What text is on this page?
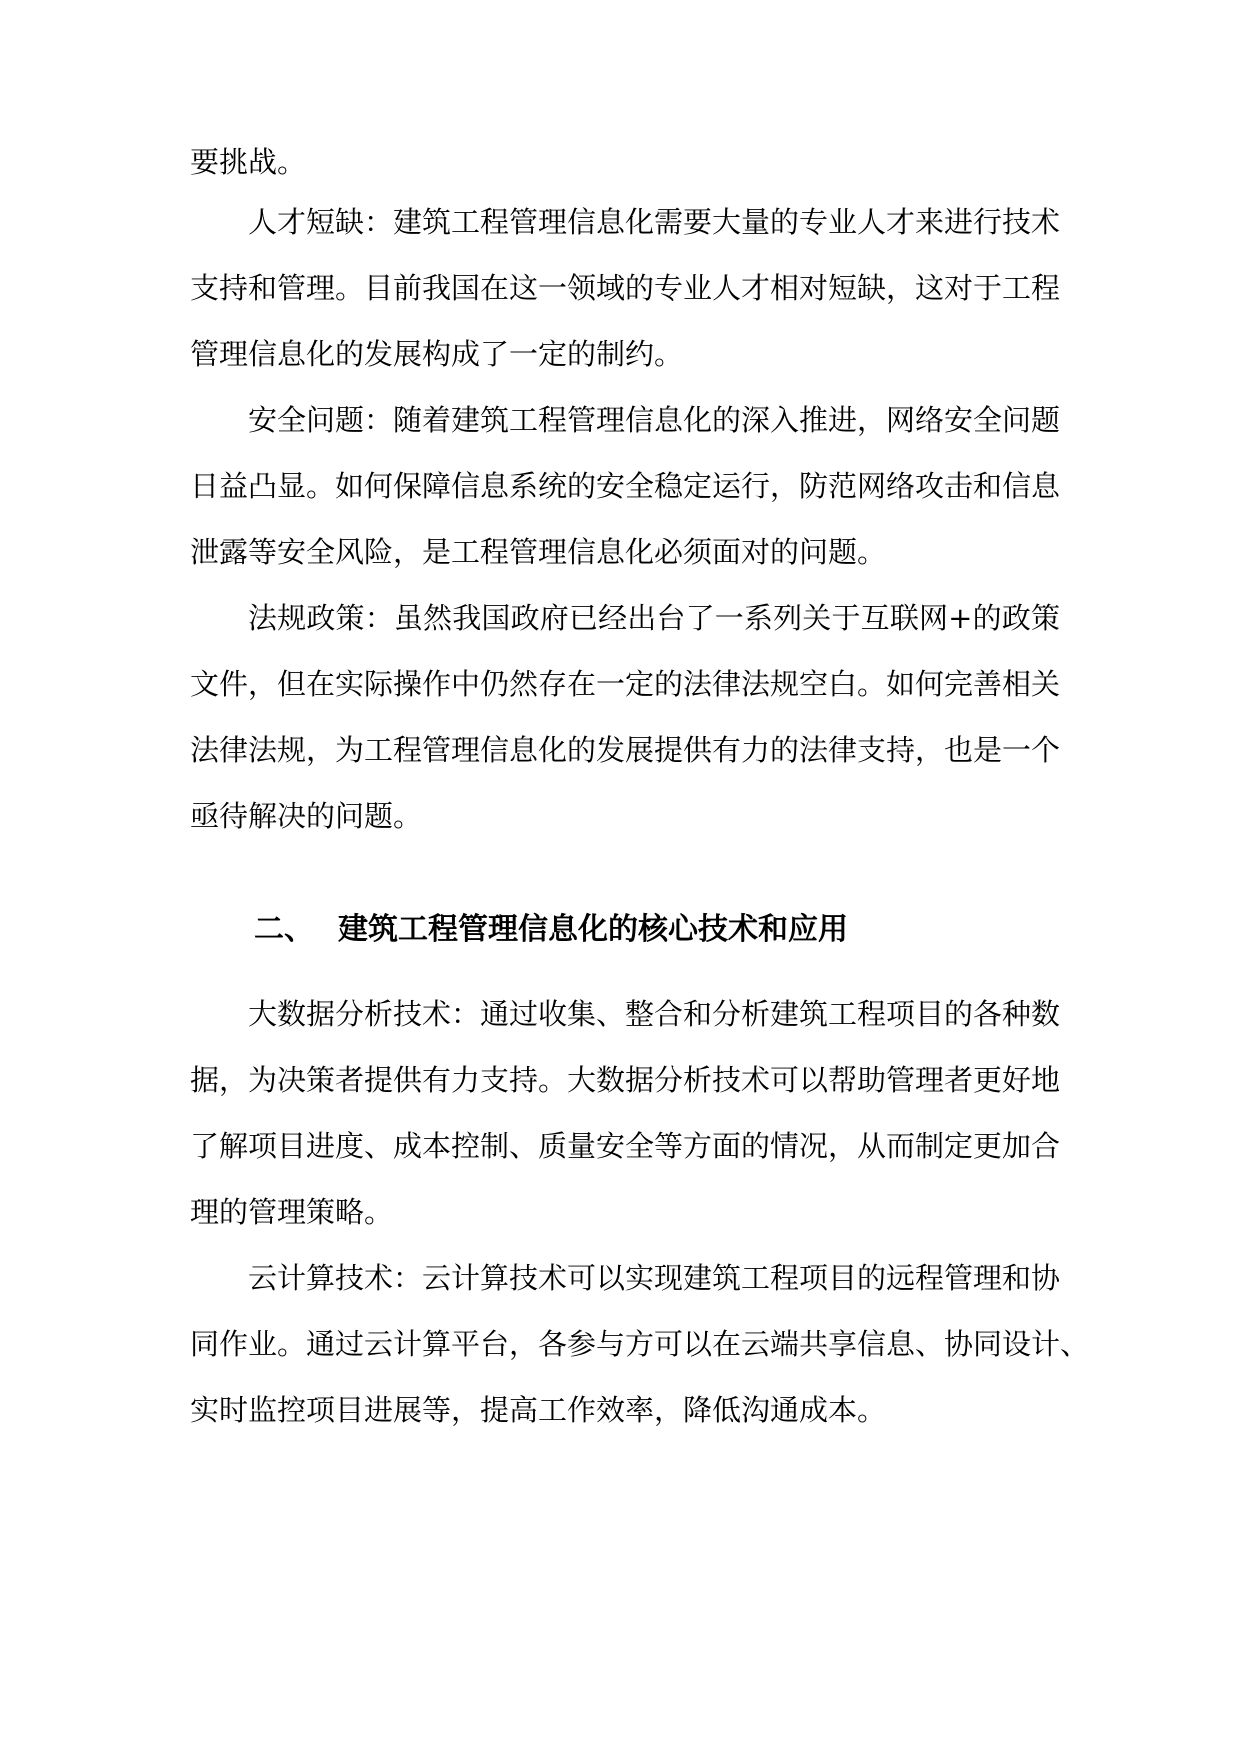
要挑战。
人才短缺：建筑工程管理信息化需要大量的专业人才来进行技术
支持和管理。目前我国在这一领域的专业人才相对短缺，这对于工程
管理信息化的发展构成了一定的制约。
安全问题：随着建筑工程管理信息化的深入推进，网络安全问题
日益凸显。如何保障信息系统的安全稳定运行，防范网络攻击和信息
泄露等安全风险，是工程管理信息化必须面对的问题。
法规政策：虽然我国政府已经出台了一系列关于互联网+的政策
文件，但在实际操作中仍然存在一定的法律法规空白。如何完善相关
法律法规，为工程管理信息化的发展提供有力的法律支持，也是一个
亟待解决的问题。
二、 建筑工程管理信息化的核心技术和应用
大数据分析技术：通过收集、整合和分析建筑工程项目的各种数
据，为决策者提供有力支持。大数据分析技术可以帮助管理者更好地
了解项目进度、成本控制、质量安全等方面的情况，从而制定更加合
理的管理策略。
云计算技术：云计算技术可以实现建筑工程项目的远程管理和协
同作业。通过云计算平台，各参与方可以在云端共享信息、协同设计、
实时监控项目进展等，提高工作效率，降低沟通成本。
